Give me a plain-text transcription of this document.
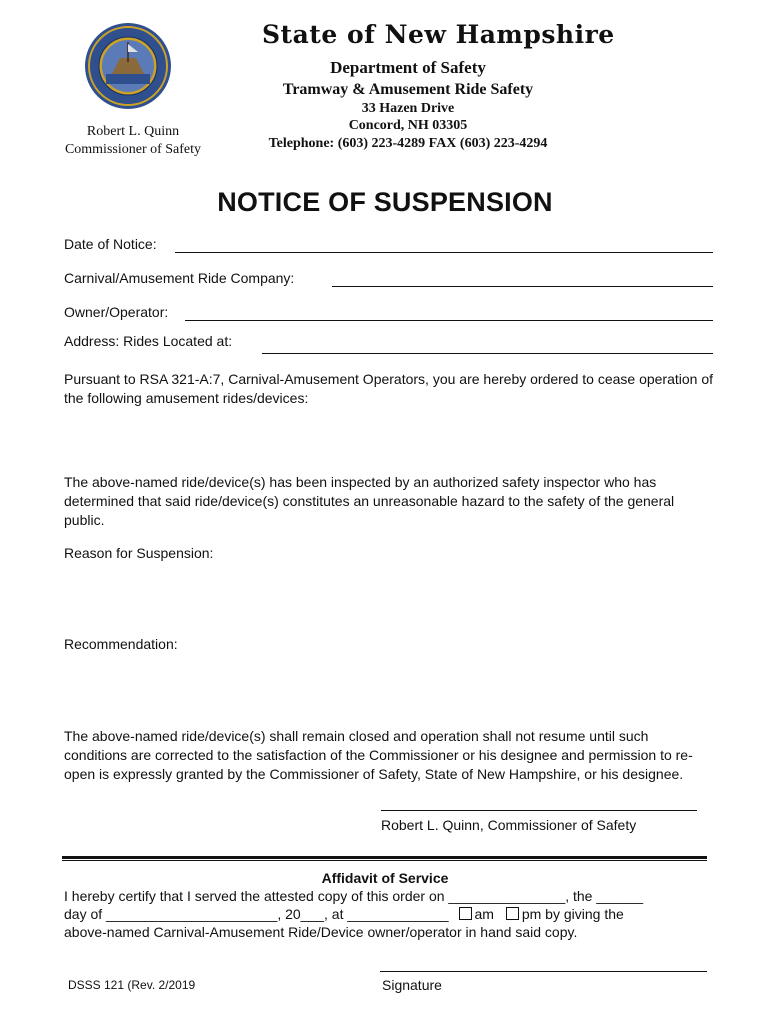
State of New Hampshire
Department of Safety
Tramway & Amusement Ride Safety
33 Hazen Drive
Concord, NH 03305
Telephone: (603) 223-4289 FAX (603) 223-4294
Robert L. Quinn
Commissioner of Safety
NOTICE OF SUSPENSION
Date of Notice:
Carnival/Amusement Ride Company:
Owner/Operator:
Address: Rides Located at:
Pursuant to RSA 321-A:7, Carnival-Amusement Operators, you are hereby ordered to cease operation of the following amusement rides/devices:
The above-named ride/device(s) has been inspected by an authorized safety inspector who has determined that said ride/device(s) constitutes an unreasonable hazard to the safety of the general public.
Reason for Suspension:
Recommendation:
The above-named ride/device(s) shall remain closed and operation shall not resume until such conditions are corrected to the satisfaction of the Commissioner or his designee and permission to re-open is expressly granted by the Commissioner of Safety, State of New Hampshire, or his designee.
Robert L. Quinn, Commissioner of Safety
Affidavit of Service
I hereby certify that I served the attested copy of this order on _______________, the ______
day of ______________________, 20___, at _____________ am pm by giving the
above-named Carnival-Amusement Ride/Device owner/operator in hand said copy.
Signature
DSSS 121 (Rev. 2/2019
